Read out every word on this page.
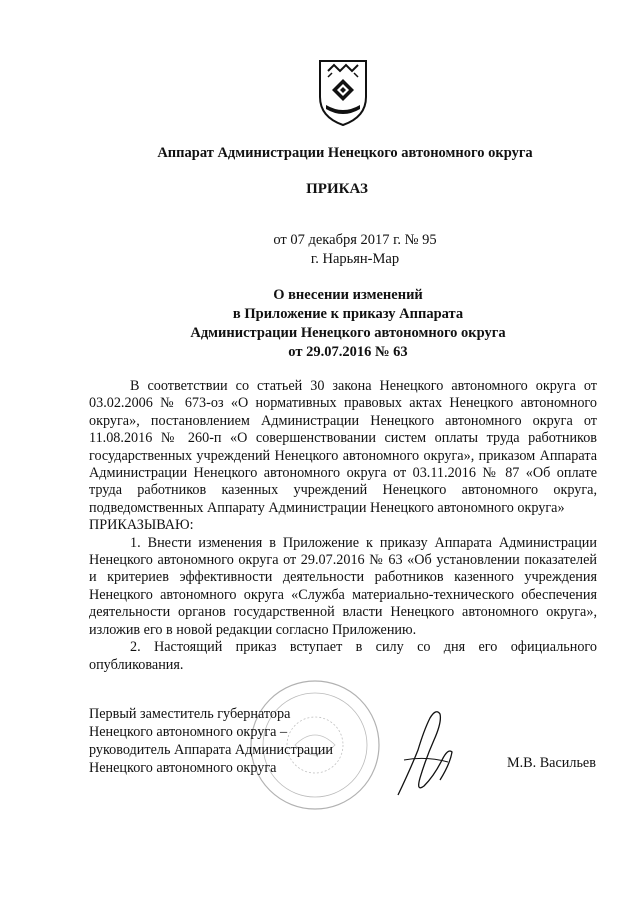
Аппарат Администрации Ненецкого автономного округа
ПРИКАЗ
от 07 декабря 2017 г. № 95
г. Нарьян-Мар
О внесении изменений
в Приложение к приказу Аппарата
Администрации Ненецкого автономного округа
от 29.07.2016 № 63

В соответствии со статьей 30 закона Ненецкого автономного округа от 03.02.2006 № 673-оз «О нормативных правовых актах Ненецкого автономного округа», постановлением Администрации Ненецкого автономного округа от 11.08.2016 № 260-п «О совершенствовании систем оплаты труда работников государственных учреждений Ненецкого автономного округа», приказом Аппарата Администрации Ненецкого автономного округа от 03.11.2016 № 87 «Об оплате труда работников казенных учреждений Ненецкого автономного округа, подведомственных Аппарату Администрации Ненецкого автономного округа»

ПРИКАЗЫВАЮ:

1. Внести изменения в Приложение к приказу Аппарата Администрации Ненецкого автономного округа от 29.07.2016 № 63 «Об установлении показателей и критериев эффективности деятельности работников казенного учреждения Ненецкого автономного округа «Служба материально-технического обеспечения деятельности органов государственной власти Ненецкого автономного округа», изложив его в новой редакции согласно Приложению.

2. Настоящий приказ вступает в силу со дня его официального опубликования.

Первый заместитель губернатора
Ненецкого автономного округа –
руководитель Аппарата Администрации
Ненецкого автономного округа	М.В. Васильев
